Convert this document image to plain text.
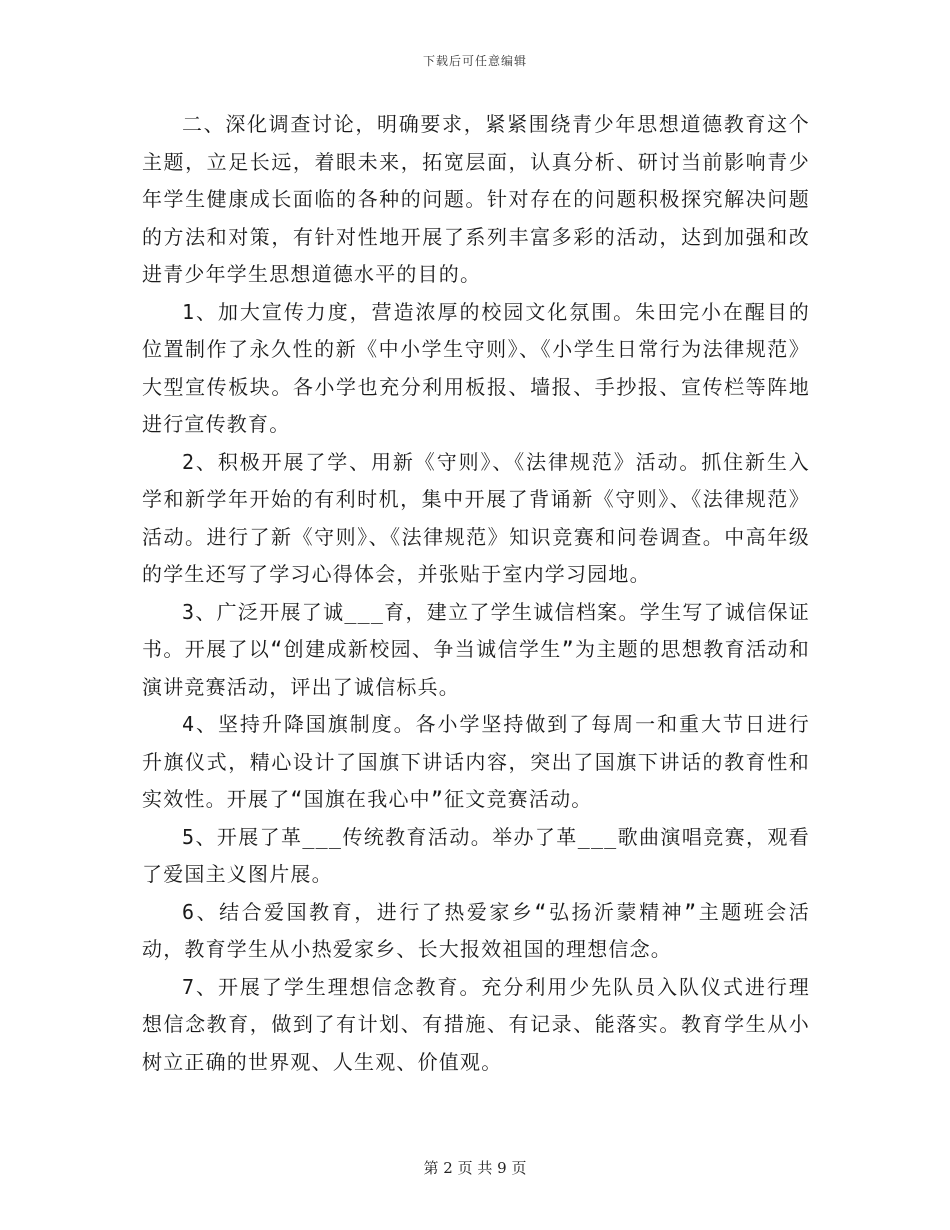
下载后可任意编辑

二、深化调查讨论，明确要求，紧紧围绕青少年思想道德教育这个主题，立足长远，着眼未来，拓宽层面，认真分析、研讨当前影响青少年学生健康成长面临的各种的问题。针对存在的问题积极探究解决问题的方法和对策，有针对性地开展了系列丰富多彩的活动，达到加强和改进青少年学生思想道德水平的目的。

1、加大宣传力度，营造浓厚的校园文化氛围。朱田完小在醒目的位置制作了永久性的新《中小学生守则》、《小学生日常行为法律规范》大型宣传板块。各小学也充分利用板报、墙报、手抄报、宣传栏等阵地进行宣传教育。

2、积极开展了学、用新《守则》、《法律规范》活动。抓住新生入学和新学年开始的有利时机，集中开展了背诵新《守则》、《法律规范》活动。进行了新《守则》、《法律规范》知识竞赛和问卷调查。中高年级的学生还写了学习心得体会，并张贴于室内学习园地。

3、广泛开展了诚___育，建立了学生诚信档案。学生写了诚信保证书。开展了以“创建成新校园、争当诚信学生”为主题的思想教育活动和演讲竞赛活动，评出了诚信标兵。

4、坚持升降国旗制度。各小学坚持做到了每周一和重大节日进行升旗仪式，精心设计了国旗下讲话内容，突出了国旗下讲话的教育性和实效性。开展了“国旗在我心中”征文竞赛活动。

5、开展了革___传统教育活动。举办了革___歌曲演唱竞赛，观看了爱国主义图片展。

6、结合爱国教育，进行了热爱家乡“弘扬沂蒙精神”主题班会活动，教育学生从小热爱家乡、长大报效祖国的理想信念。

7、开展了学生理想信念教育。充分利用少先队员入队仪式进行理想信念教育，做到了有计划、有措施、有记录、能落实。教育学生从小树立正确的世界观、人生观、价值观。

第 2 页 共 9 页
